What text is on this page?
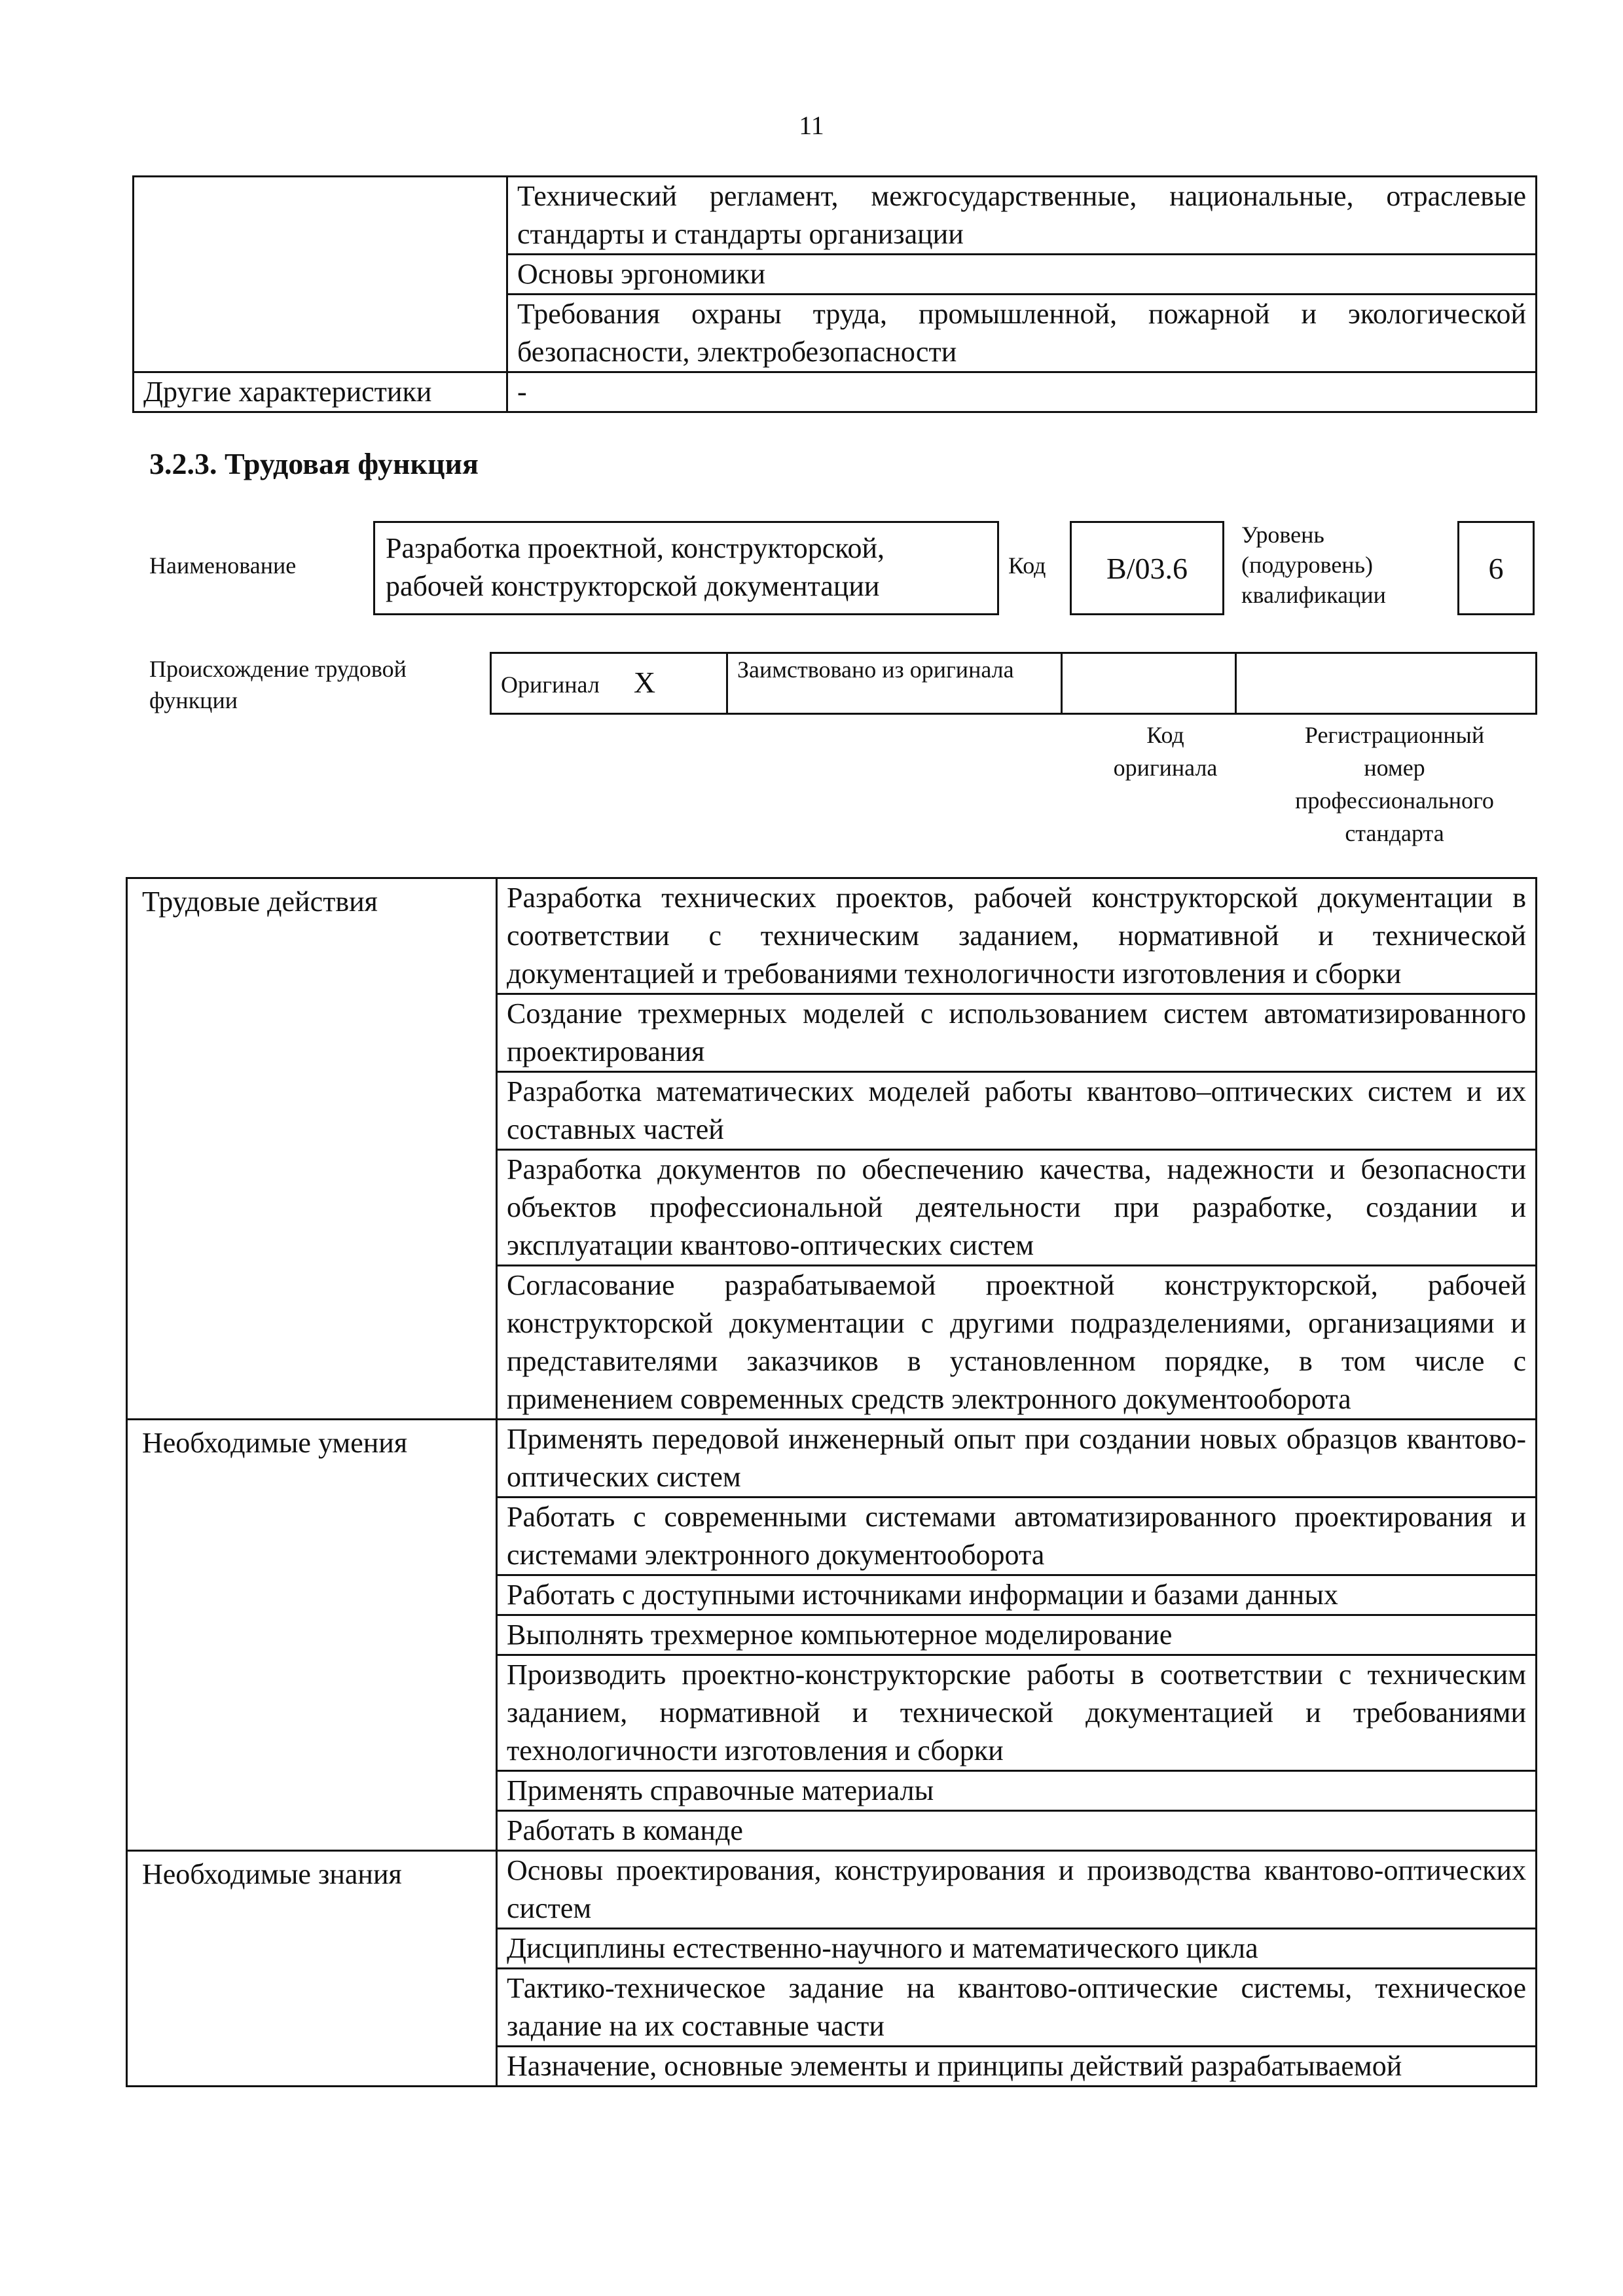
11
	Технический регламент, межгосударственные, национальные, отраслевые стандарты и стандарты организации
	Основы эргономики
	Требования охраны труда, промышленной, пожарной и экологической безопасности, электробезопасности
Другие характеристики	-
3.2.3. Трудовая функция
Наименование
Разработка проектной, конструкторской, рабочей конструкторской документации
Код	B/03.6
Уровень
(подуровень)
квалификации
6
Происхождение трудовой функции
Оригинал X	Заимствовано из оригинала		
Код
оригинала
Регистрационный
номер
профессионального
стандарта
Трудовые действия	Разработка технических проектов, рабочей конструкторской документации в соответствии с техническим заданием, нормативной и технической документацией и требованиями технологичности изготовления и сборки
	Создание трехмерных моделей с использованием систем автоматизированного проектирования
	Разработка математических моделей работы квантово–оптических систем и их составных частей
	Разработка документов по обеспечению качества, надежности и безопасности объектов профессиональной деятельности при разработке, создании и эксплуатации квантово-оптических систем
	Согласование разрабатываемой проектной конструкторской, рабочей конструкторской документации с другими подразделениями, организациями и представителями заказчиков в установленном порядке, в том числе с применением современных средств электронного документооборота
Необходимые умения	Применять передовой инженерный опыт при создании новых образцов квантово-оптических систем
	Работать с современными системами автоматизированного проектирования и системами электронного документооборота
	Работать с доступными источниками информации и базами данных
	Выполнять трехмерное компьютерное моделирование
	Производить проектно-конструкторские работы в соответствии с техническим заданием, нормативной и технической документацией и требованиями технологичности изготовления и сборки
	Применять справочные материалы
	Работать в команде
Необходимые знания	Основы проектирования, конструирования и производства квантово-оптических систем
	Дисциплины естественно-научного и математического цикла
	Тактико-техническое задание на квантово-оптические системы, техническое задание на их составные части
	Назначение, основные элементы и принципы действий разрабатываемой
